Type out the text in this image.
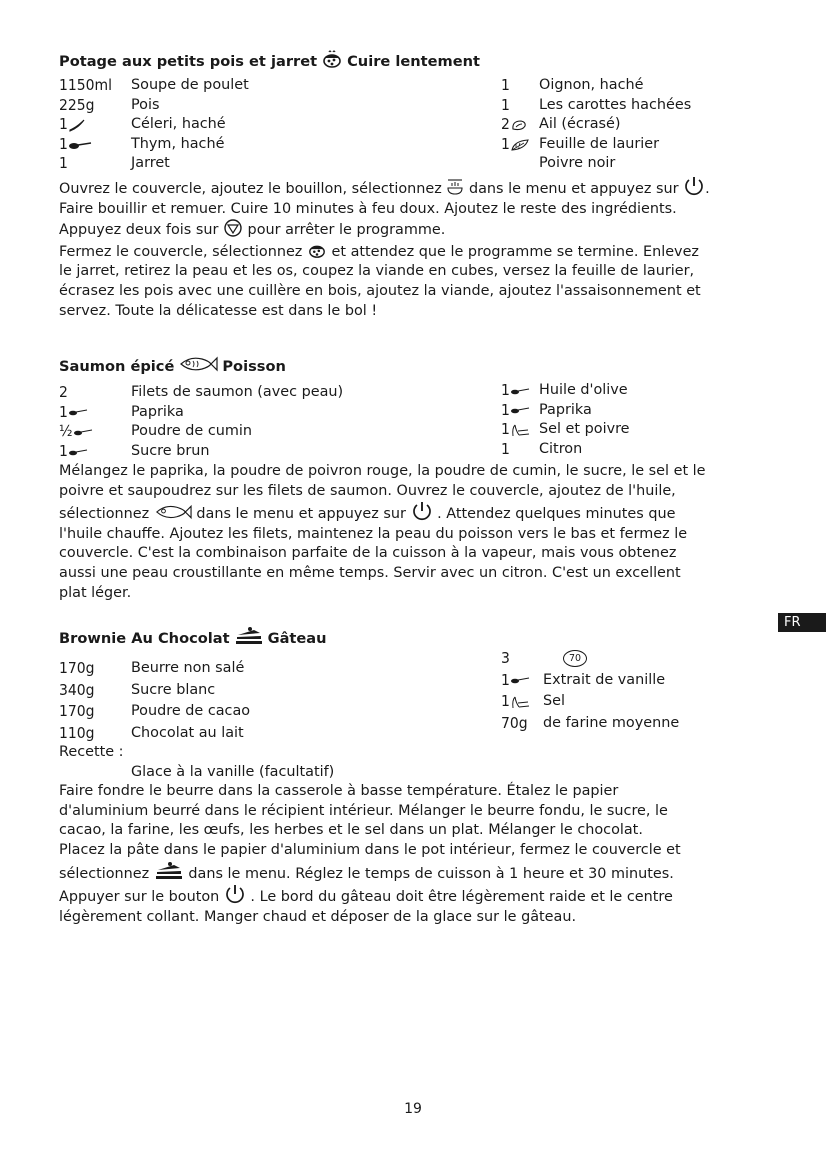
Potage aux petits pois et jarret Cuire lentement
1150ml	Soupe de poulet
225g	Pois
1	Céleri, haché
1	Thym, haché
1	Jarret
1	Oignon, haché
1	Les carottes hachées
2 Ail (écrasé)
1 Feuille de laurier
Poivre noir

Ouvrez le couvercle, ajoutez le bouillon, sélectionnez  dans le menu et appuyez sur .

Faire bouillir et remuer. Cuire 10 minutes à feu doux. Ajoutez le reste des ingrédients.

Appuyez deux fois sur  pour arrêter le programme.

Fermez le couvercle, sélectionnez  et attendez que le programme se termine. Enlevez

le jarret, retirez la peau et les os, coupez la viande en cubes, versez la feuille de laurier,

écrasez les pois avec une cuillère en bois, ajoutez la viande, ajoutez l'assaisonnement et

servez. Toute la délicatesse est dans le bol !

Saumon épicé	Poisson
2	Filets de saumon (avec peau)
1	Paprika
½	Poudre de cumin
1	Sucre brun
1 Huile d'olive
1 Paprika
1 Sel et poivre
1	Citron

Mélangez le paprika, la poudre de poivron rouge, la poudre de cumin, le sucre, le sel et le

poivre et saupoudrez sur les filets de saumon. Ouvrez le couvercle, ajoutez de l'huile,

sélectionnez	dans le menu et appuyez sur  . Attendez quelques minutes que

l'huile chauffe. Ajoutez les filets, maintenez la peau du poisson vers le bas et fermez le

couvercle. C'est la combinaison parfaite de la cuisson à la vapeur, mais vous obtenez

aussi une peau croustillante en même temps. Servir avec un citron. C'est un excellent

plat léger.

Brownie Au Chocolat	Gâteau
170g	Beurre non salé
340g	Sucre blanc
170g	Poudre de cacao
110g	Chocolat au lait
3	70
1 Extrait de vanille
1 Sel
70g	de farine moyenne

Recette :

Glace à la vanille (facultatif)

Faire fondre le beurre dans la casserole à basse température. Étalez le papier

d'aluminium beurré dans le récipient intérieur. Mélanger le beurre fondu, le sucre, le

cacao, la farine, les œufs, les herbes et le sel dans un plat. Mélanger le chocolat.

Placez la pâte dans le papier d'aluminium dans le pot intérieur, fermez le couvercle et

sélectionnez  dans le menu. Réglez le temps de cuisson à 1 heure et 30 minutes.

Appuyer sur le bouton  . Le bord du gâteau doit être légèrement raide et le centre

légèrement collant. Manger chaud et déposer de la glace sur le gâteau.

FR
19
